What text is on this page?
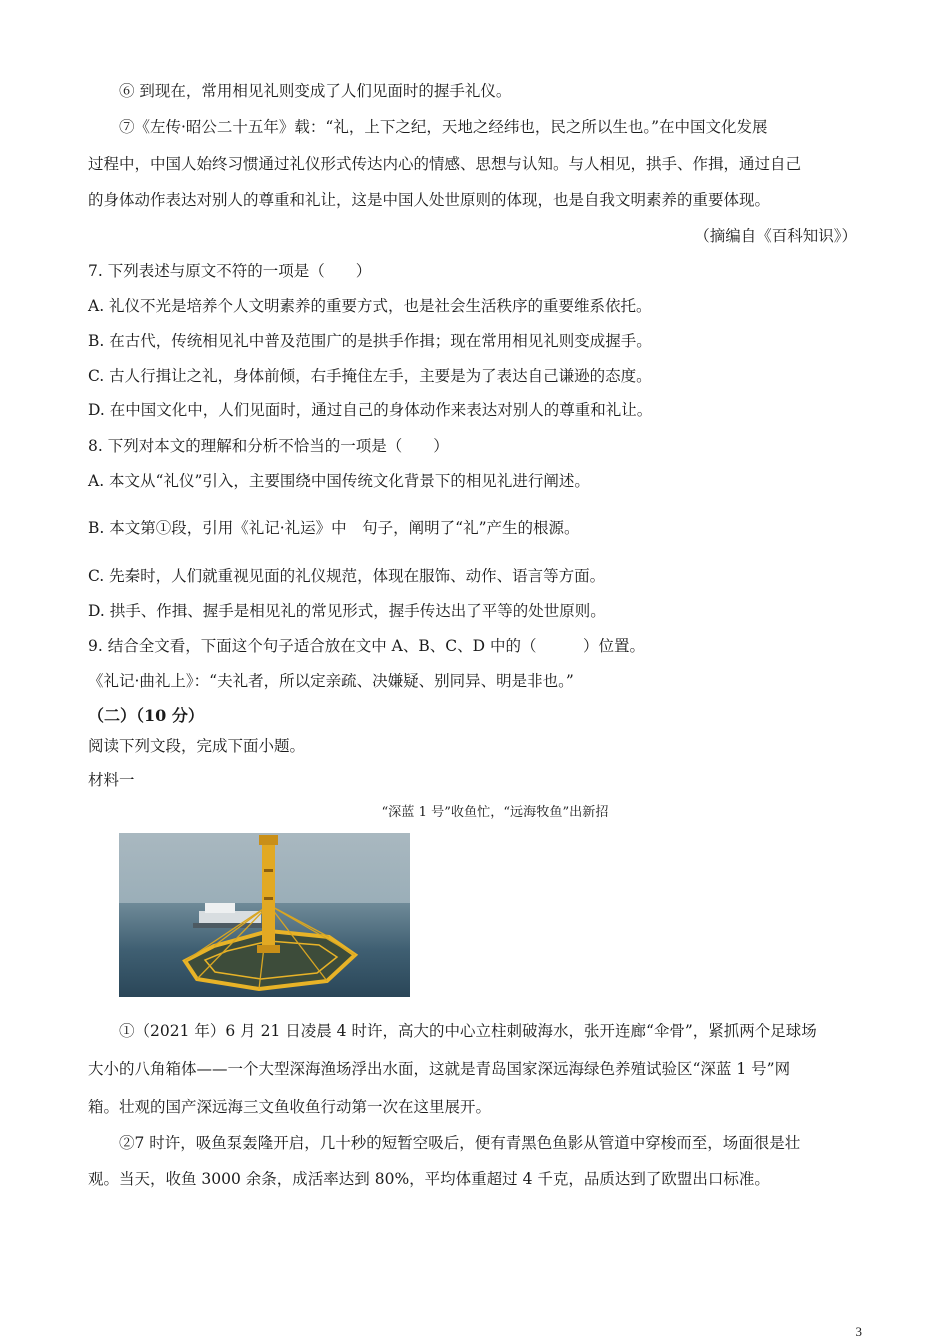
⑥ 到现在，常用相见礼则变成了人们见面时的握手礼仪。
⑦《左传·昭公二十五年》载：“礼，上下之纪，天地之经纬也，民之所以生也。”在中国文化发展
过程中，中国人始终习惯通过礼仪形式传达内心的情感、思想与认知。与人相见，拱手、作揖，通过自己
的身体动作表达对别人的尊重和礼让，这是中国人处世原则的体现，也是自我文明素养的重要体现。
（摘编自《百科知识》）
7. 下列表述与原文不符的一项是（　　）
A. 礼仪不光是培养个人文明素养的重要方式，也是社会生活秩序的重要维系依托。
B. 在古代，传统相见礼中普及范围广的是拱手作揖；现在常用相见礼则变成握手。
C. 古人行揖让之礼，身体前倾，右手掩住左手，主要是为了表达自己谦逊的态度。
D. 在中国文化中，人们见面时，通过自己的身体动作来表达对别人的尊重和礼让。
8. 下列对本文的理解和分析不恰当的一项是（　　）
A. 本文从“礼仪”引入，主要围绕中国传统文化背景下的相见礼进行阐述。
B. 本文第①段，引用《礼记·礼运》中　句子，阐明了“礼”产生的根源。
C. 先秦时，人们就重视见面的礼仪规范，体现在服饰、动作、语言等方面。
D. 拱手、作揖、握手是相见礼的常见形式，握手传达出了平等的处世原则。
9. 结合全文看，下面这个句子适合放在文中 A、B、C、D 中的（　　　）位置。
《礼记·曲礼上》：“夫礼者，所以定亲疏、决嫌疑、别同异、明是非也。”
（二）（10 分）
阅读下列文段，完成下面小题。
材料一
“深蓝 1 号”收鱼忙，“远海牧鱼”出新招
①（2021 年）6 月 21 日凌晨 4 时许，高大的中心立柱刺破海水，张开连廊“伞骨”，紧抓两个足球场
大小的八角箱体——一个大型深海渔场浮出水面，这就是青岛国家深远海绿色养殖试验区“深蓝 1 号”网
箱。壮观的国产深远海三文鱼收鱼行动第一次在这里展开。
②7 时许，吸鱼泵轰隆开启，几十秒的短暂空吸后，便有青黑色鱼影从管道中穿梭而至，场面很是壮
观。当天，收鱼 3000 余条，成活率达到 80%，平均体重超过 4 千克，品质达到了欧盟出口标准。
3
